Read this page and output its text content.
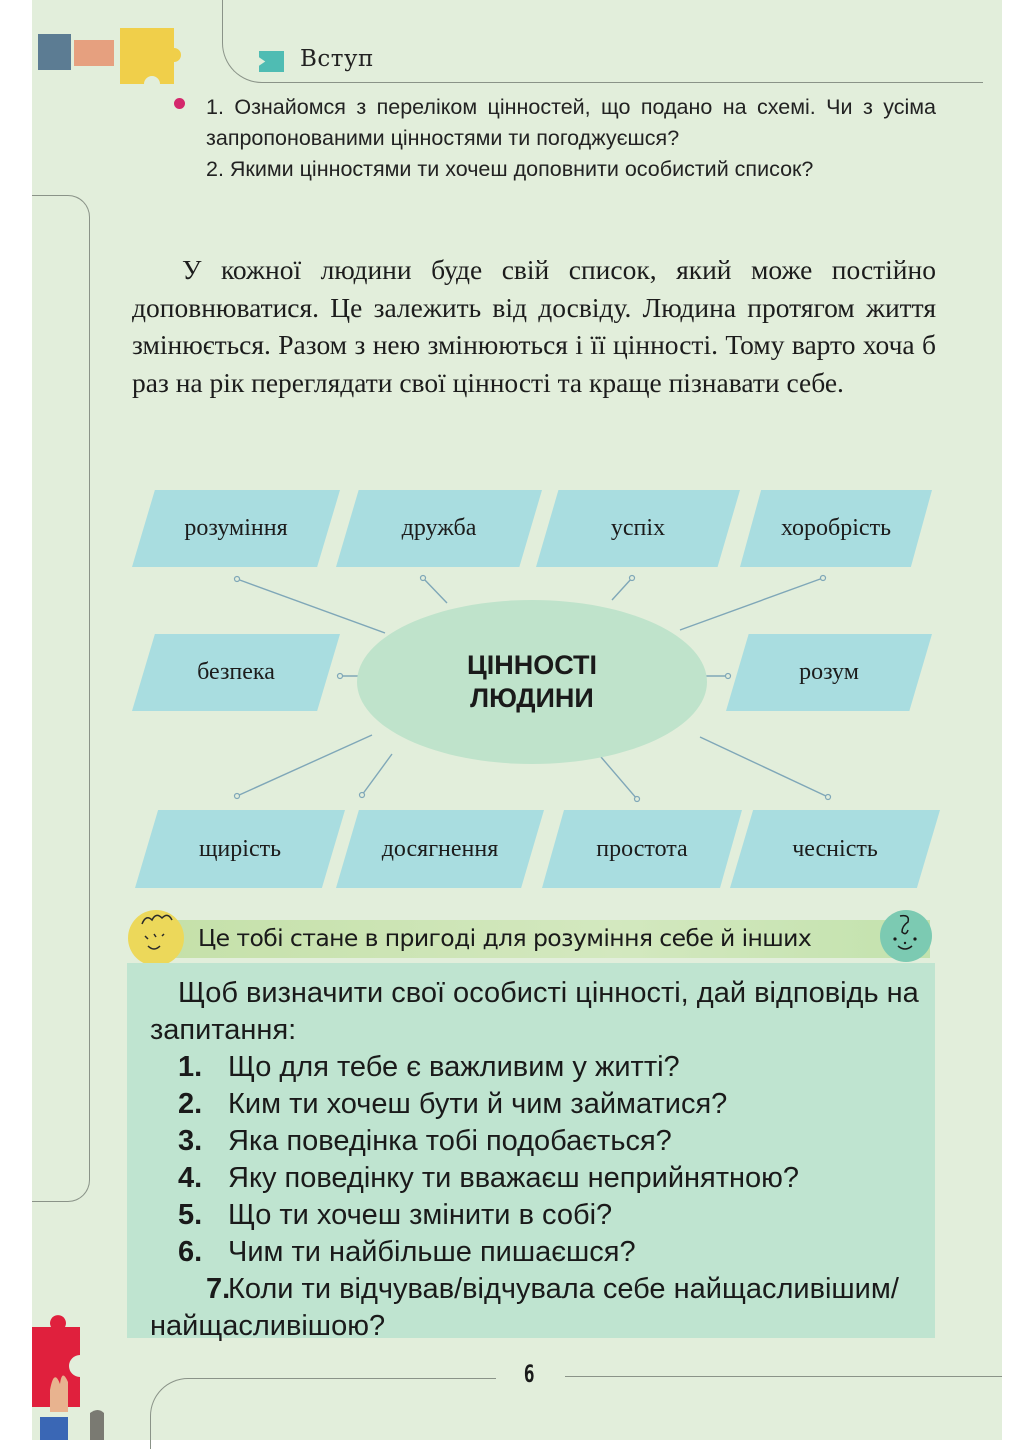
Вступ

1. Ознайомся з переліком цінностей, що подано на схемі. Чи з усіма запропонованими цінностями ти погоджуєшся?

2. Якими цінностями ти хочеш доповнити особистий список?

У кожної людини буде свій список, який може постійно доповнюватися. Це залежить від досвіду. Людина протягом життя змінюється. Разом з нею змінюються і її цінності. Тому варто хоча б раз на рік переглядати свої цінності та краще пізнавати себе.

розуміння	дружба	успіх	хоробрість
безпека	розум
ЦІННОСТІ
ЛЮДИНИ
щирість	досягнення	простота	чесність
Це тобі стане в пригоді для розуміння себе й інших

Щоб визначити свої особисті цінності, дай відповідь на запитання:

1. Що для тебе є важливим у житті?

2. Ким ти хочеш бути й чим займатися?

3. Яка поведінка тобі подобається?

4. Яку поведінку ти вважаєш неприйнятною?

5. Що ти хочеш змінити в собі?

6. Чим ти найбільше пишаєшся?

7.Коли ти відчував/відчувала себе найщасливішим/найщасливішою?

6
